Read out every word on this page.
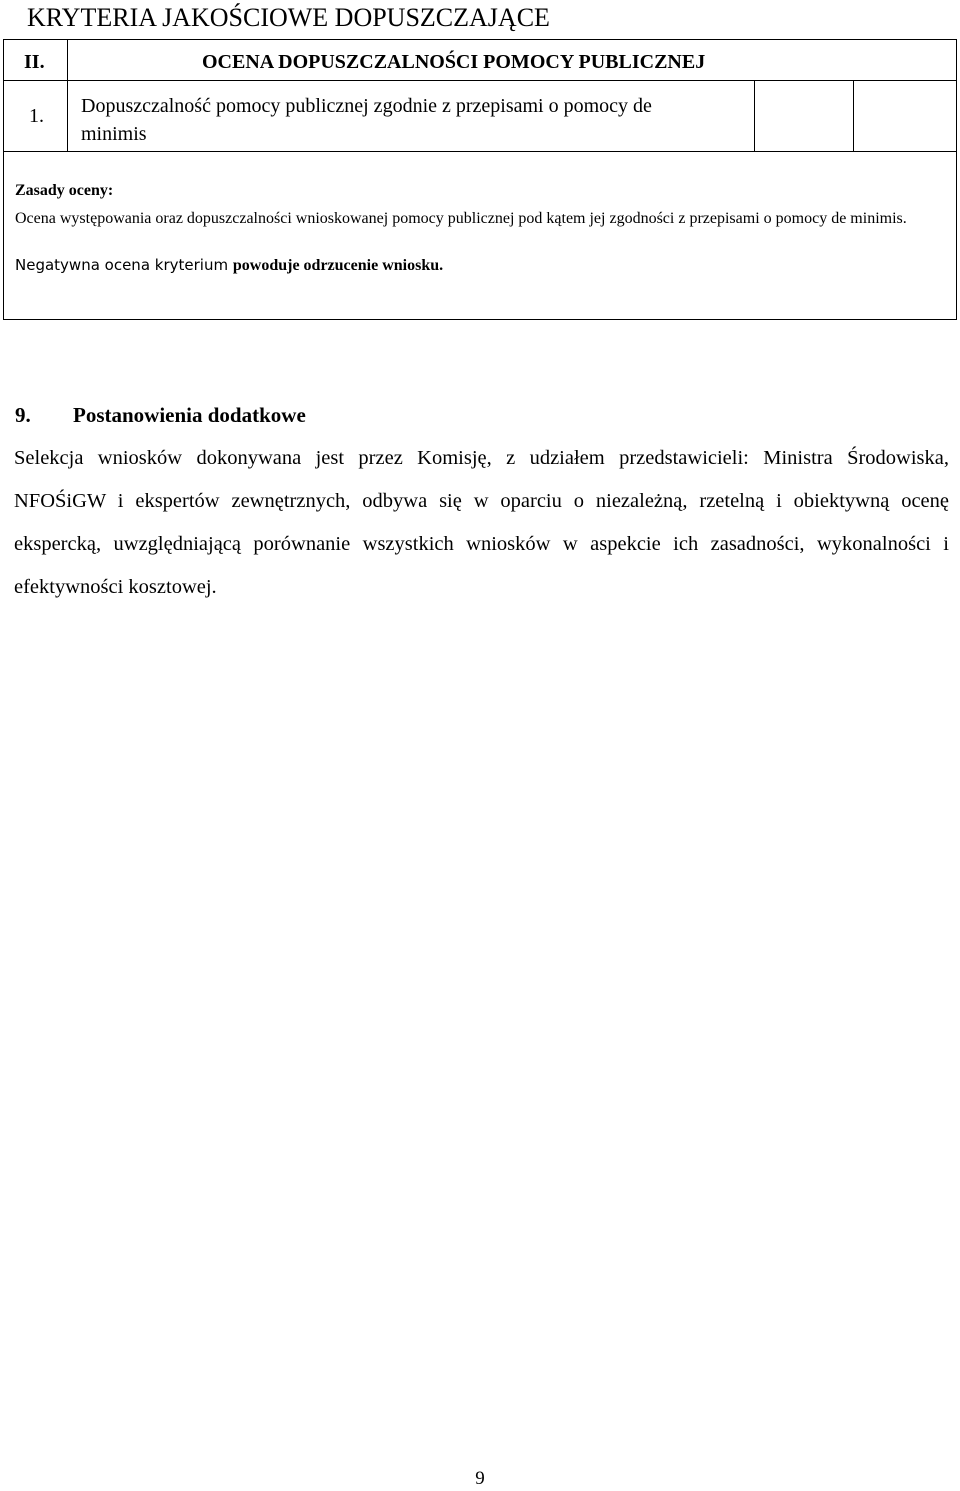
KRYTERIA JAKOŚCIOWE DOPUSZCZAJĄCE
II.	OCENA DOPUSZCZALNOŚCI POMOCY PUBLICZNEJ
1. Dopuszczalność pomocy publicznej zgodnie z przepisami o pomocy de minimis
Zasady oceny:
Ocena występowania oraz dopuszczalności wnioskowanej pomocy publicznej pod kątem jej zgodności z przepisami o pomocy de minimis.
Negatywna ocena kryterium powoduje odrzucenie wniosku.
9. Postanowienia dodatkowe
Selekcja wniosków dokonywana jest przez Komisję, z udziałem przedstawicieli: Ministra Środowiska, NFOŚiGW i ekspertów zewnętrznych, odbywa się w oparciu o niezależną, rzetelną i obiektywną ocenę ekspercką, uwzględniającą porównanie wszystkich wniosków w aspekcie ich zasadności, wykonalności i efektywności kosztowej.
9
